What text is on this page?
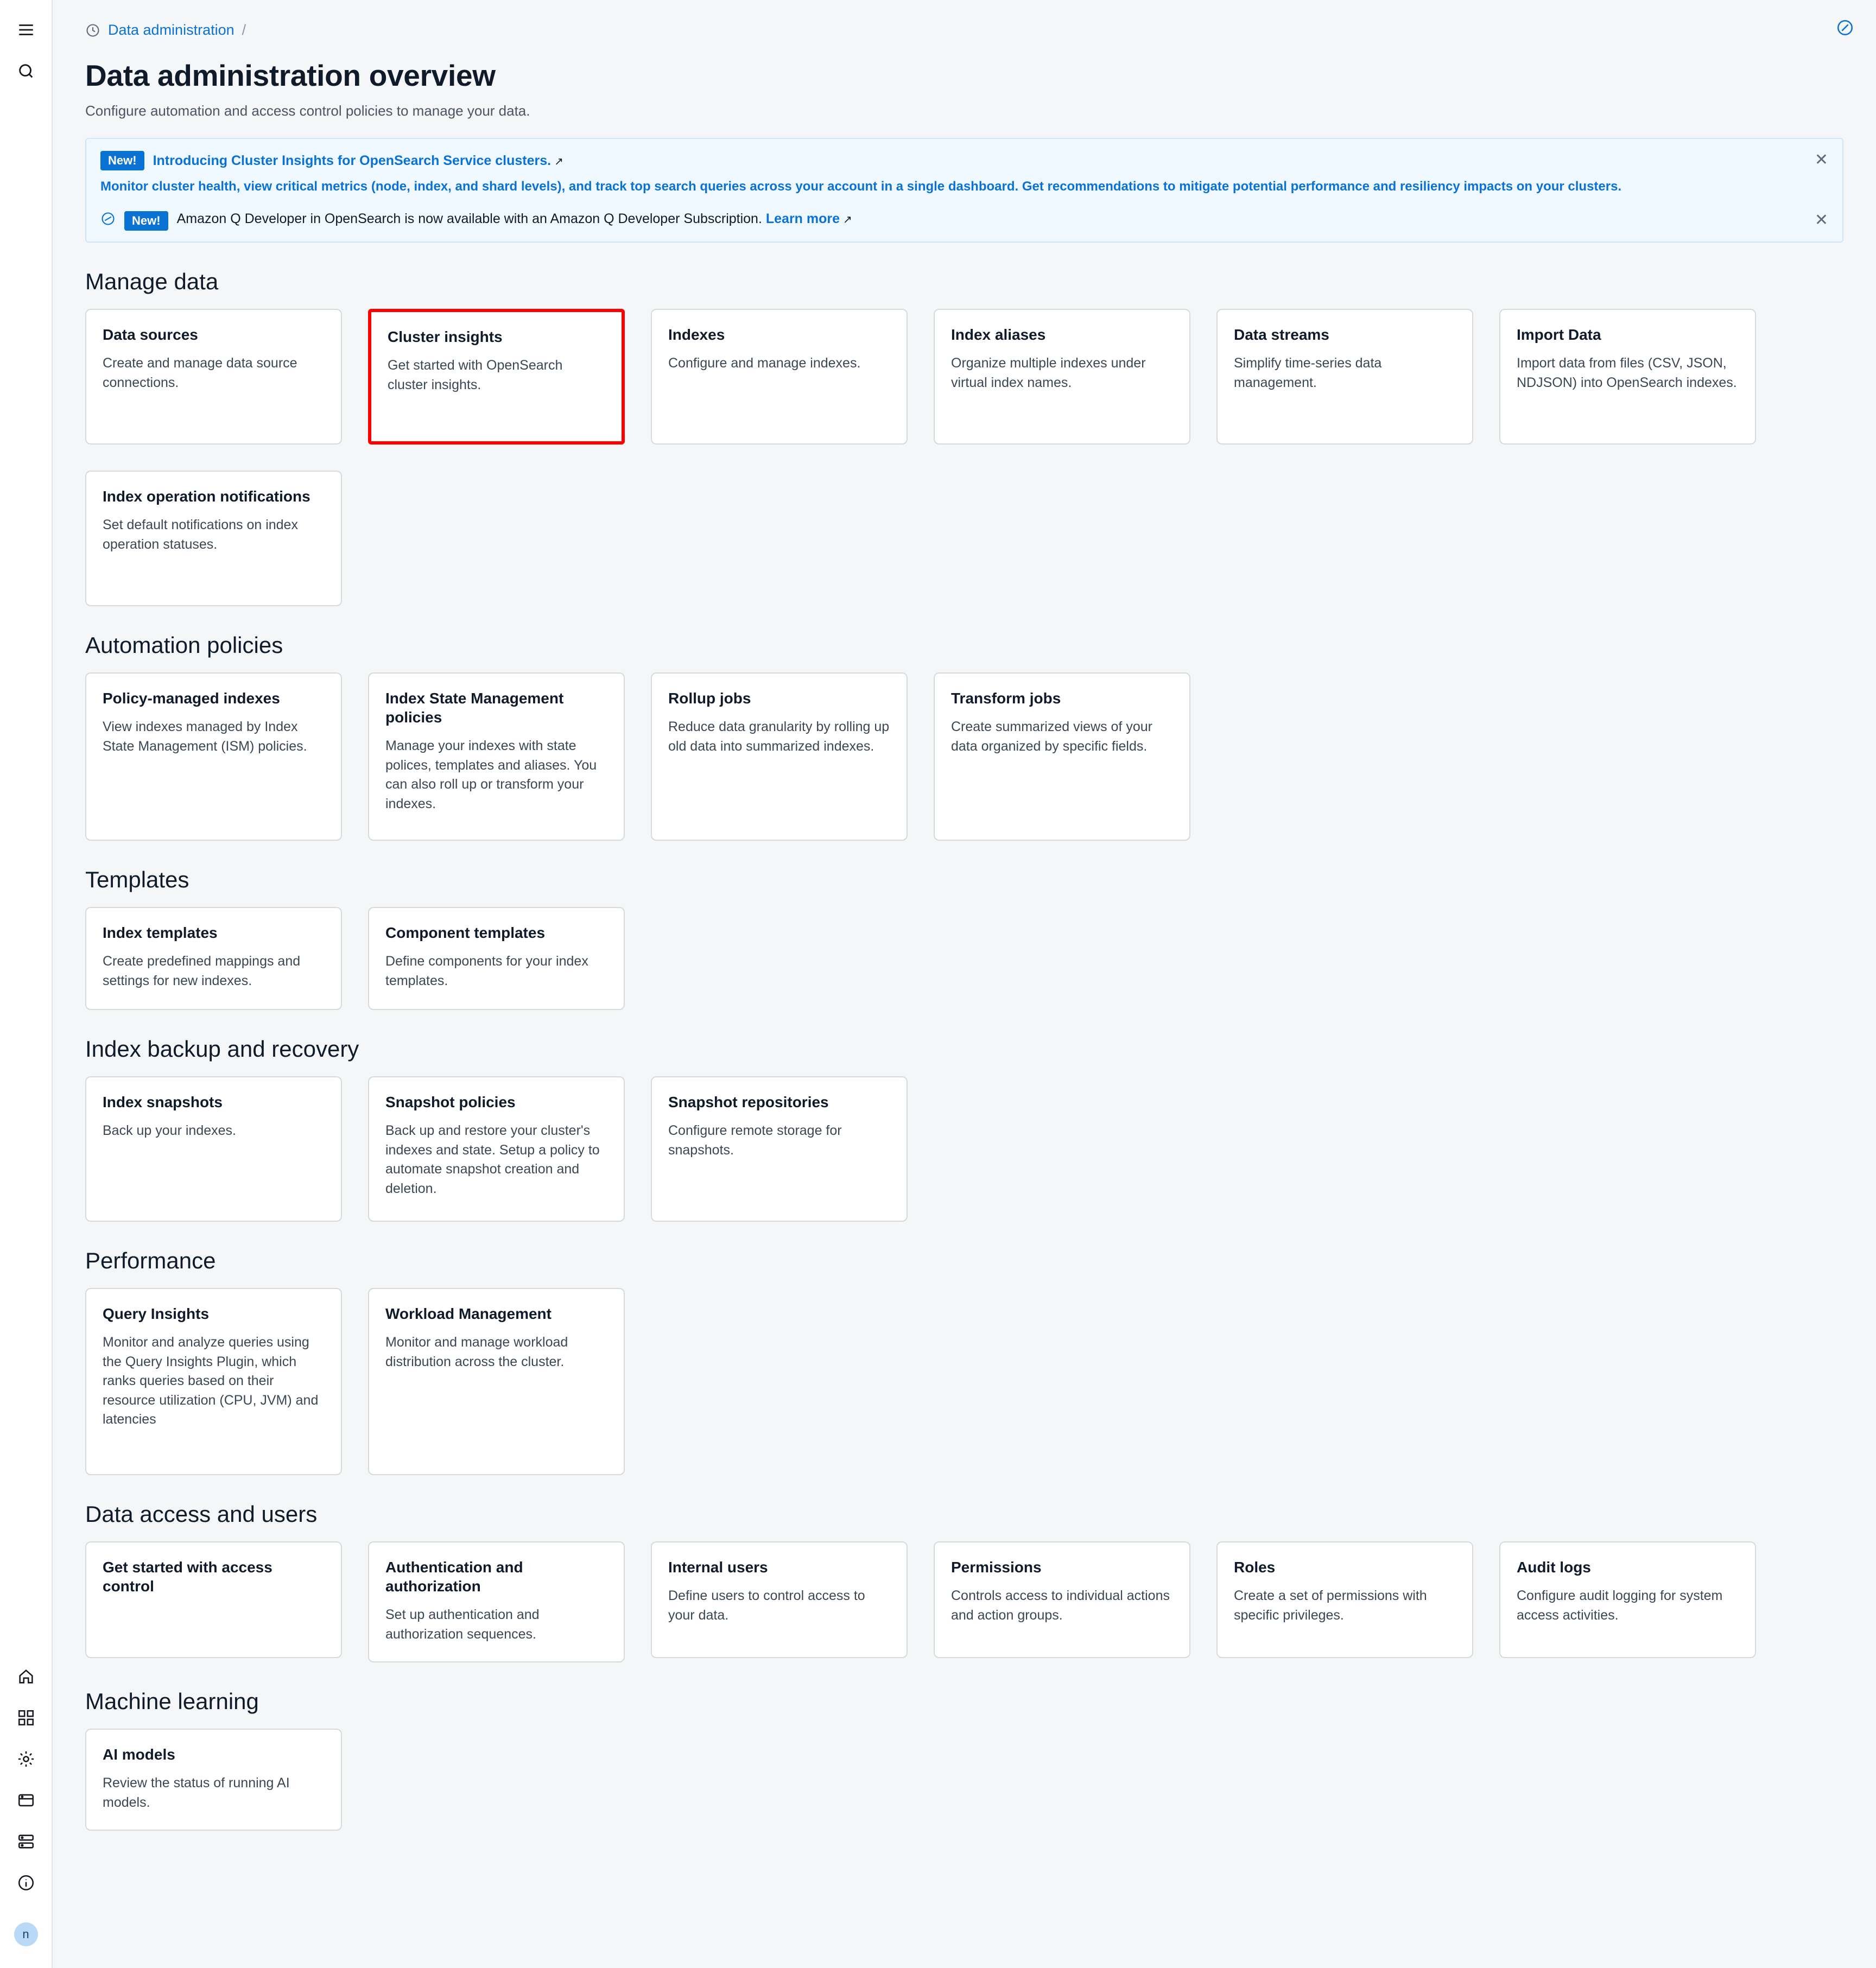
n
Data administration /
Data administration overview
Configure automation and access control policies to manage your data.
New!	Introducing Cluster Insights for OpenSearch Service clusters. ↗
Monitor cluster health, view critical metrics (node, index, and shard levels), and track top search queries across your account in a single dashboard. Get recommendations to mitigate potential performance and resiliency impacts on your clusters.
✕
New!	Amazon Q Developer in OpenSearch is now available with an Amazon Q Developer Subscription. Learn more ↗	✕
Manage data
Data sources
Create and manage data source connections.
Cluster insights
Get started with OpenSearch cluster insights.
Indexes
Configure and manage indexes.
Index aliases
Organize multiple indexes under virtual index names.
Data streams
Simplify time-series data management.
Import Data
Import data from files (CSV, JSON, NDJSON) into OpenSearch indexes.
Index operation notifications
Set default notifications on index operation statuses.
Automation policies
Policy-managed indexes
View indexes managed by Index State Management (ISM) policies.
Index State Management policies
Manage your indexes with state polices, templates and aliases. You can also roll up or transform your indexes.
Rollup jobs
Reduce data granularity by rolling up old data into summarized indexes.
Transform jobs
Create summarized views of your data organized by specific fields.
Templates
Index templates
Create predefined mappings and settings for new indexes.
Component templates
Define components for your index templates.
Index backup and recovery
Index snapshots
Back up your indexes.
Snapshot policies
Back up and restore your cluster's indexes and state. Setup a policy to automate snapshot creation and deletion.
Snapshot repositories
Configure remote storage for snapshots.
Performance
Query Insights
Monitor and analyze queries using the Query Insights Plugin, which ranks queries based on their resource utilization (CPU, JVM) and latencies
Workload Management
Monitor and manage workload distribution across the cluster.
Data access and users
Get started with access control
Authentication and authorization
Set up authentication and authorization sequences.
Internal users
Define users to control access to your data.
Permissions
Controls access to individual actions and action groups.
Roles
Create a set of permissions with specific privileges.
Audit logs
Configure audit logging for system access activities.
Machine learning
AI models
Review the status of running AI models.
